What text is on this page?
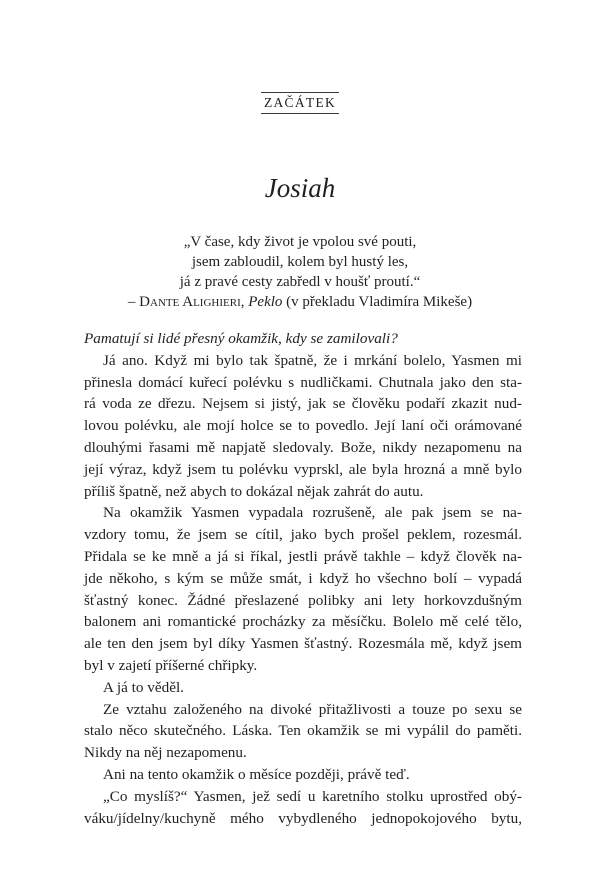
ZAČÁTEK
Josiah
„V čase, kdy život je vpolou své pouti,
jsem zabloudil, kolem byl hustý les,
já z pravé cesty zabředl v houšť proutí.“
– Dante Alighieri, Peklo (v překladu Vladimíra Mikeše)
Pamatují si lidé přesný okamžik, kdy se zamilovali?
Já ano. Když mi bylo tak špatně, že i mrkání bolelo, Yasmen mi
přinesla domácí kuřecí polévku s nudličkami. Chutnala jako den sta-
rá voda ze dřezu. Nejsem si jistý, jak se člověku podaří zkazit nud-
lovou polévku, ale mojí holce se to povedlo. Její laní oči orámované
dlouhými řasami mě napjatě sledovaly. Bože, nikdy nezapomenu na
její výraz, když jsem tu polévku vyprskl, ale byla hrozná a mně bylo
příliš špatně, než abych to dokázal nějak zahrát do autu.
Na okamžik Yasmen vypadala rozrušeně, ale pak jsem se na-
vzdory tomu, že jsem se cítil, jako bych prošel peklem, rozesmál.
Přidala se ke mně a já si říkal, jestli právě takhle – když člověk na-
jde někoho, s kým se může smát, i když ho všechno bolí – vypadá
šťastný konec. Žádné přeslazené polibky ani lety horkovzdušným
balonem ani romantické procházky za měsíčku. Bolelo mě celé tělo,
ale ten den jsem byl díky Yasmen šťastný. Rozesmála mě, když jsem
byl v zajetí příšerné chřipky.
A já to věděl.
Ze vztahu založeného na divoké přitažlivosti a touze po sexu se
stalo něco skutečného. Láska. Ten okamžik se mi vypálil do paměti.
Nikdy na něj nezapomenu.
Ani na tento okamžik o měsíce později, právě teď.
„Co myslíš?“ Yasmen, jež sedí u karetního stolku uprostřed obý-
váku/jídelny/kuchyně mého vybydleného jednopokojového bytu,
